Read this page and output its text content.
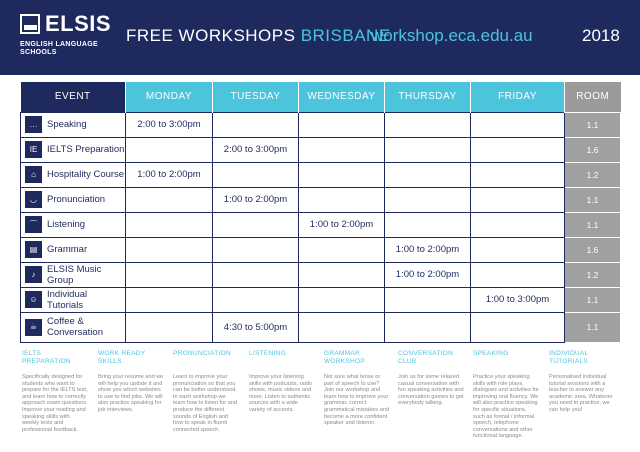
ELSIS
ENGLISH LANGUAGE SCHOOLS
FREE WORKSHOPS BRISBANE
workshop.eca.edu.au	2018
EVENT	MONDAY	TUESDAY	WEDNESDAY	THURSDAY	FRIDAY	ROOM

… Speaking	2:00 to 3:00pm					1.1

IE IELTS Preparation		2:00 to 3:00pm				1.6

⌂ Hospitality Course	1:00 to 2:00pm					1.2

◡ Pronunciation		1:00 to 2:00pm				1.1

⌒ Listening			1:00 to 2:00pm			1.1

▤ Grammar				1:00 to 2:00pm		1.6

♪ ELSIS Music Group				1:00 to 2:00pm		1.2

☺ Individual Tutorials					1:00 to 3:00pm	1.1

☕ Coffee & Conversation		4:30 to 5:00pm				1.1
IELTS PREPARATION
Specifically designed for students who want to prepare for the IELTS test, and learn how to correctly approach exam questions. Improve your reading and speaking skills with weekly tests and professional feedback.
WORK READY SKILLS
Bring your resume and we will help you update it and show you which websites to use to find jobs. We will also practice speaking for job interviews.
PRONUNCIATION
Learn to improve your pronunciation so that you can be better understood. In each workshop we learn how to listen for and produce the different sounds of English and how to speak in fluent connected speech.
LISTENING
Improve your listening skills with podcasts, radio shows, music videos and more. Listen to authentic sources with a wide variety of accents.
GRAMMAR WORKSHOP
Not sure what tense or part of speech to use? Join our workshop and learn how to improve your grammar, correct grammatical mistakes and become a more confident speaker and listener.
CONVERSATION CLUB
Join us for some relaxed casual conversation with fun speaking activities and conversation games to get everybody talking.
SPEAKING
Practice your speaking skills with role plays, dialogues and activities for improving oral fluency. We will also practice speaking for specific situations, such as formal / informal speech, telephone conversations and other functional language.
INDIVIDUAL TUTORIALS
Personalised individual tutorial sessions with a teacher to answer any academic area. Whatever you need to practice, we can help you!
